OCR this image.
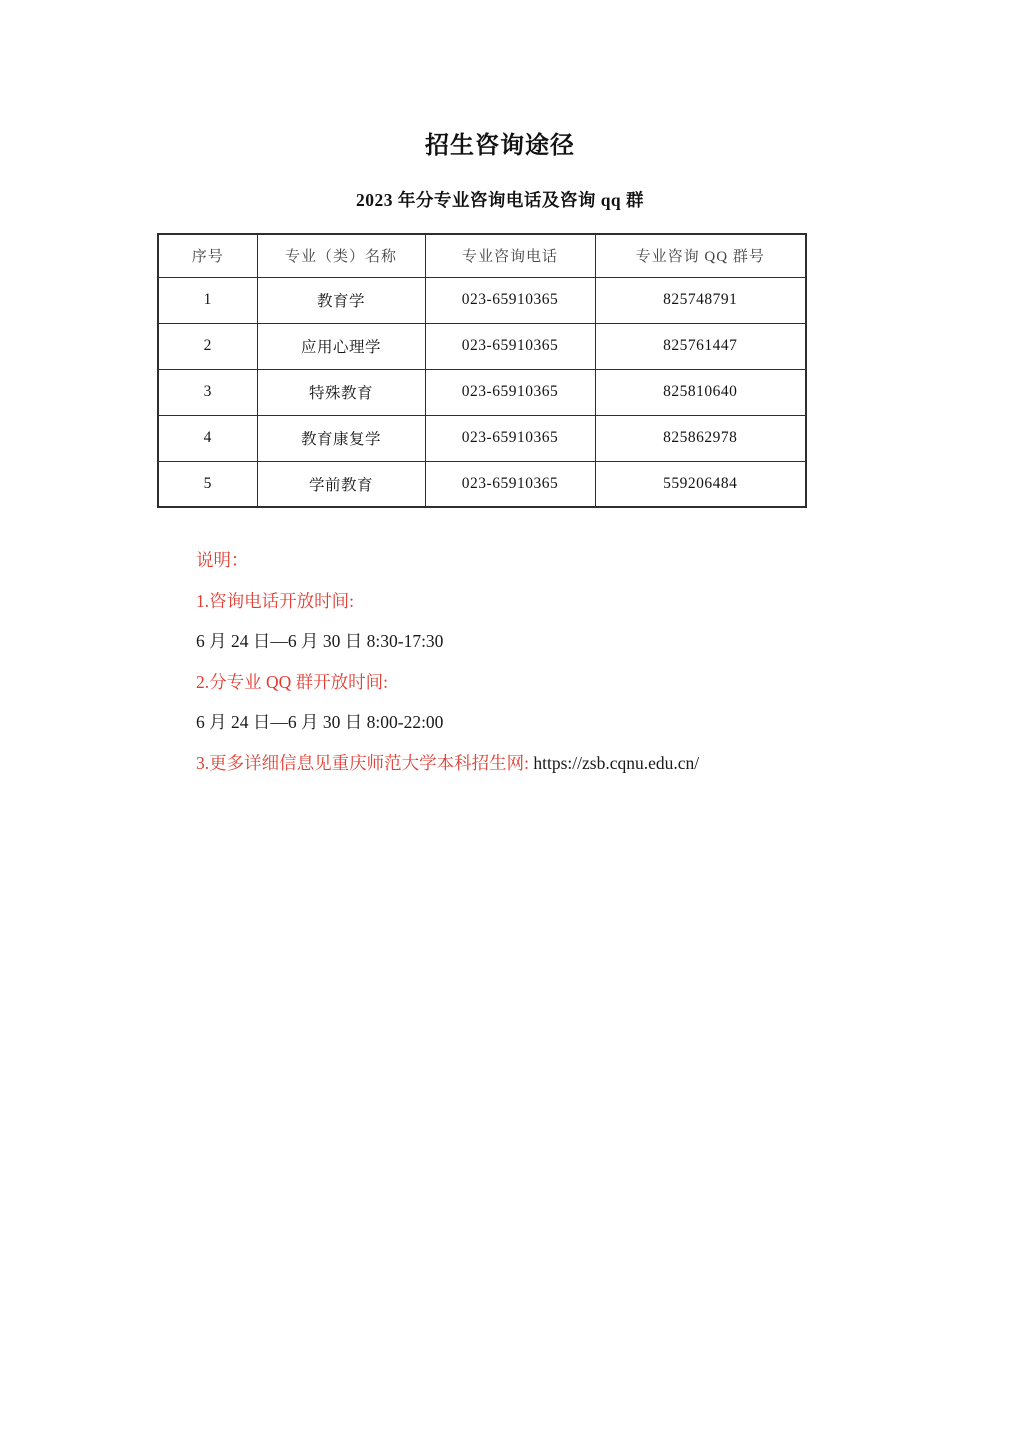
招生咨询途径
2023 年分专业咨询电话及咨询 qq 群
序号	专业（类）名称	专业咨询电话	专业咨询 QQ 群号
1	教育学	023-65910365	825748791
2	应用心理学	023-65910365	825761447
3	特殊教育	023-65910365	825810640
4	教育康复学	023-65910365	825862978
5	学前教育	023-65910365	559206484
说明：
1.咨询电话开放时间:
6 月 24 日—6 月 30 日 8:30-17:30
2.分专业 QQ 群开放时间:
6 月 24 日—6 月 30 日 8:00-22:00
3.更多详细信息见重庆师范大学本科招生网: https://zsb.cqnu.edu.cn/
